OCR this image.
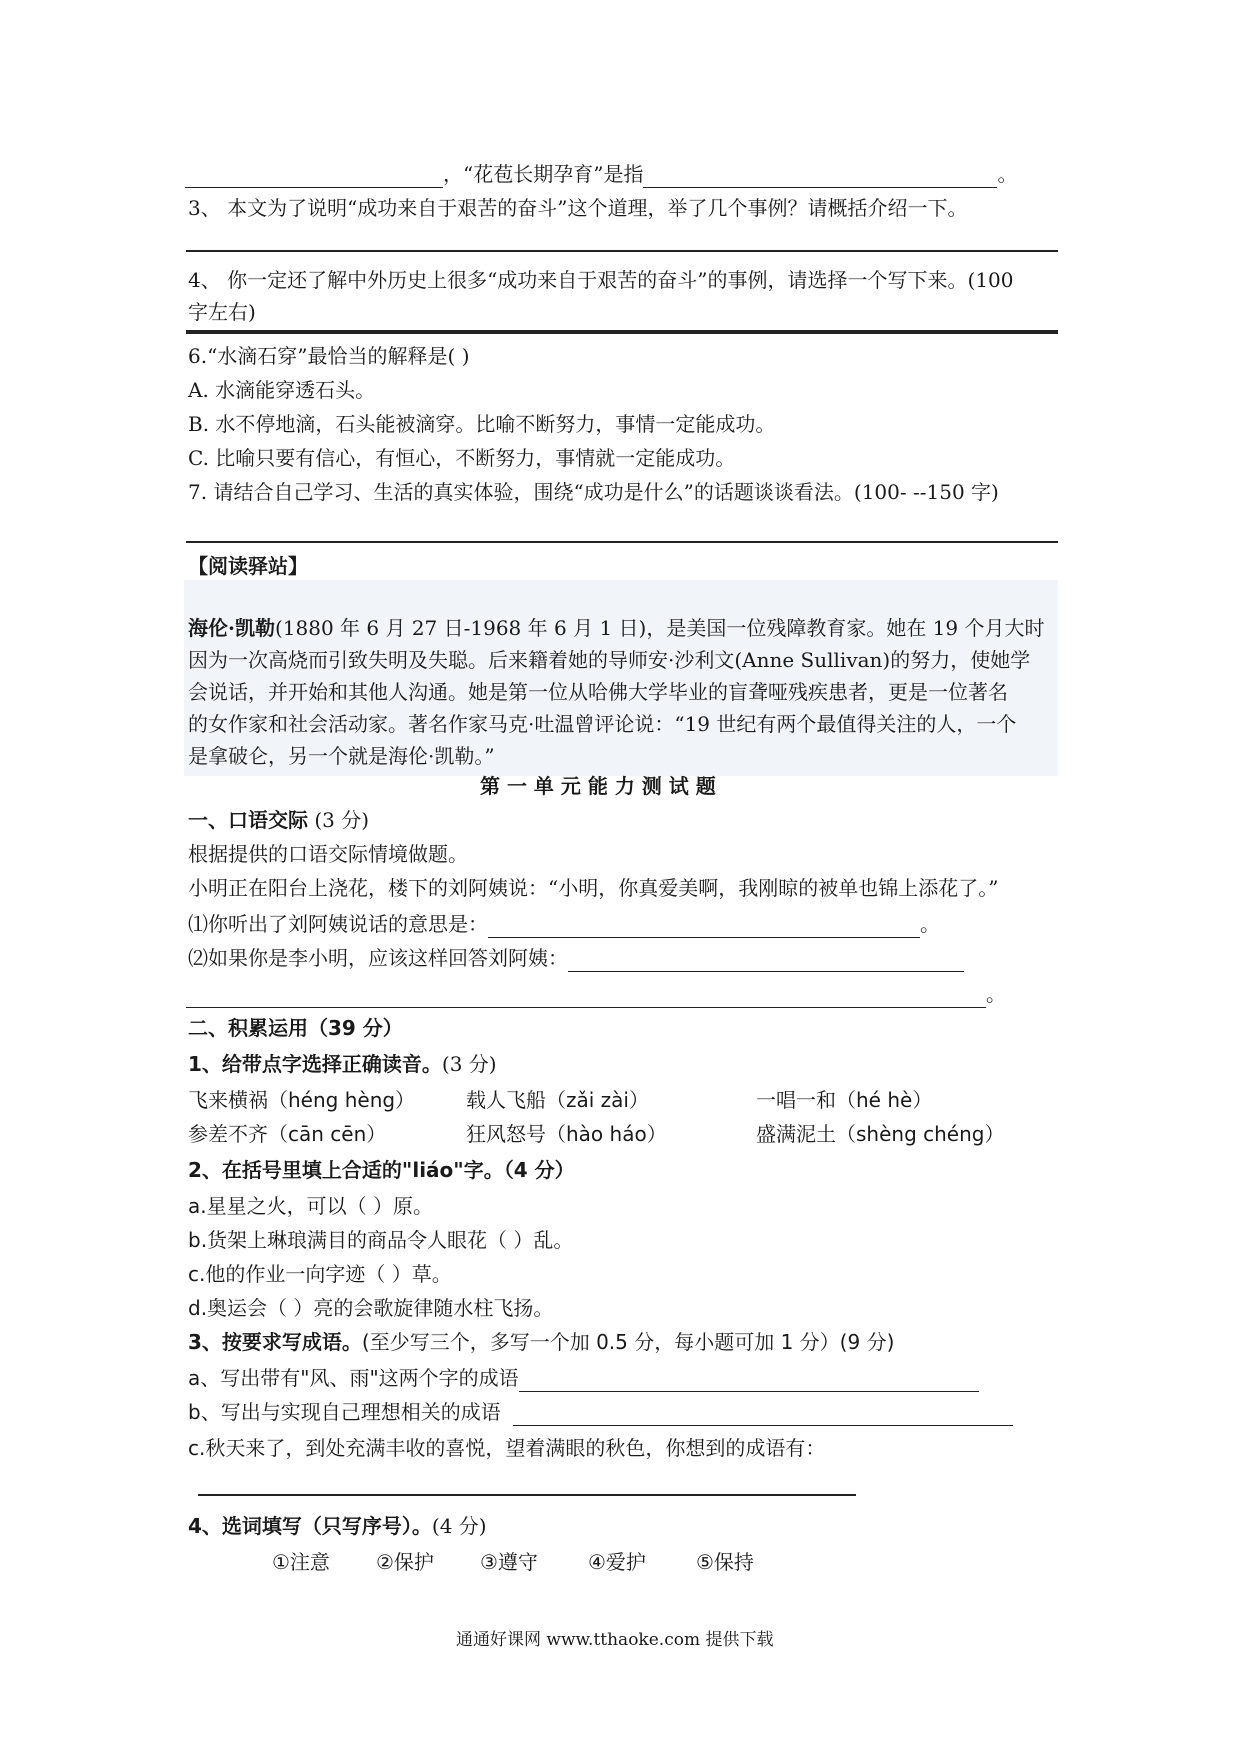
，“花苞长期孕育”是指	。
3、 本文为了说明“成功来自于艰苦的奋斗”这个道理，举了几个事例？请概括介绍一下。
4、 你一定还了解中外历史上很多“成功来自于艰苦的奋斗”的事例，请选择一个写下来。(100
字左右)
6.“水滴石穿”最恰当的解释是( )
A. 水滴能穿透石头。
B. 水不停地滴，石头能被滴穿。比喻不断努力，事情一定能成功。
C. 比喻只要有信心，有恒心，不断努力，事情就一定能成功。
7. 请结合自己学习、生活的真实体验，围绕“成功是什么”的话题谈谈看法。(100- --150 字)
【阅读驿站】
海伦·凯勒(1880 年 6 月 27 日-1968 年 6 月 1 日)，是美国一位残障教育家。她在 19 个月大时
因为一次高烧而引致失明及失聪。后来籍着她的导师安·沙利文(Anne Sullivan)的努力，使她学
会说话，并开始和其他人沟通。她是第一位从哈佛大学毕业的盲聋哑残疾患者，更是一位著名
的女作家和社会活动家。著名作家马克·吐温曾评论说：“19 世纪有两个最值得关注的人，一个
是拿破仑，另一个就是海伦·凯勒。”
第 一 单 元 能 力 测 试 题
一、口语交际 (3 分)
根据提供的口语交际情境做题。
小明正在阳台上浇花，楼下的刘阿姨说：“小明，你真爱美啊，我刚晾的被单也锦上添花了。”
⑴你听出了刘阿姨说话的意思是：	。
⑵如果你是李小明，应该这样回答刘阿姨：
。
二、积累运用（39 分）
1、给带点字选择正确读音。(3 分)
飞来横祸（héng hèng）	载人飞船（zǎi zài）	一唱一和（hé hè）
参差不齐（cān cēn）	狂风怒号（hào háo）	盛满泥土（shèng chéng）
2、在括号里填上合适的"liáo"字。（4 分）
a.星星之火，可以（ ）原。
b.货架上琳琅满目的商品令人眼花（ ）乱。
c.他的作业一向字迹（ ）草。
d.奥运会（ ）亮的会歌旋律随水柱飞扬。
3、按要求写成语。(至少写三个，多写一个加 0.5 分，每小题可加 1 分）(9 分)
a、写出带有"风、雨"这两个字的成语
b、写出与实现自己理想相关的成语
c.秋天来了，到处充满丰收的喜悦，望着满眼的秋色，你想到的成语有：
4、选词填写（只写序号）。(4 分)
①注意 ②保护 ③遵守	④爱护	⑤保持
通通好课网 www.tthaoke.com 提供下载
